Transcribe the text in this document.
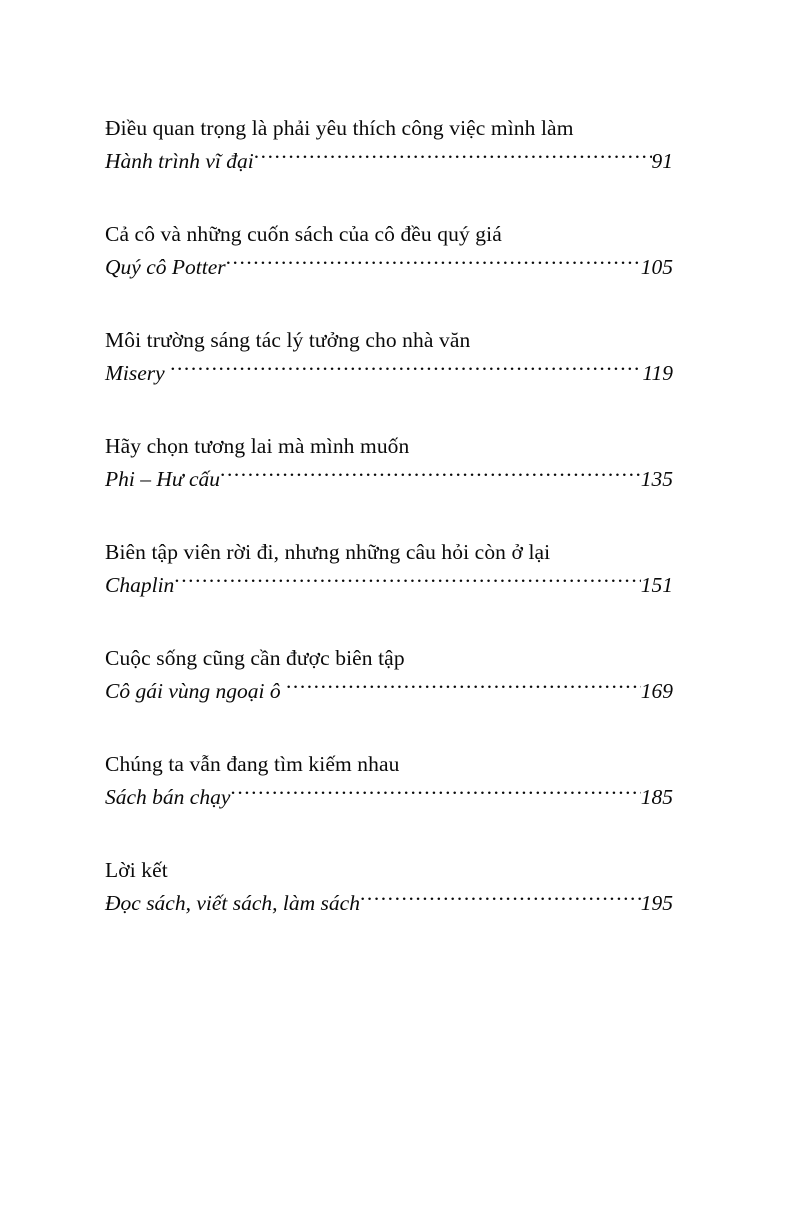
Điều quan trọng là phải yêu thích công việc mình làm
Hành trình vĩ đại .....	91
Cả cô và những cuốn sách của cô đều quý giá
Quý cô Potter .....	105
Môi trường sáng tác lý tưởng cho nhà văn
Misery .....	119
Hãy chọn tương lai mà mình muốn
Phi – Hư cấu .....	135
Biên tập viên rời đi, nhưng những câu hỏi còn ở lại
Chaplin .....	151
Cuộc sống cũng cần được biên tập
Cô gái vùng ngoại ô .....	169
Chúng ta vẫn đang tìm kiếm nhau
Sách bán chạy .....	185
Lời kết
Đọc sách, viết sách, làm sách .....	195
